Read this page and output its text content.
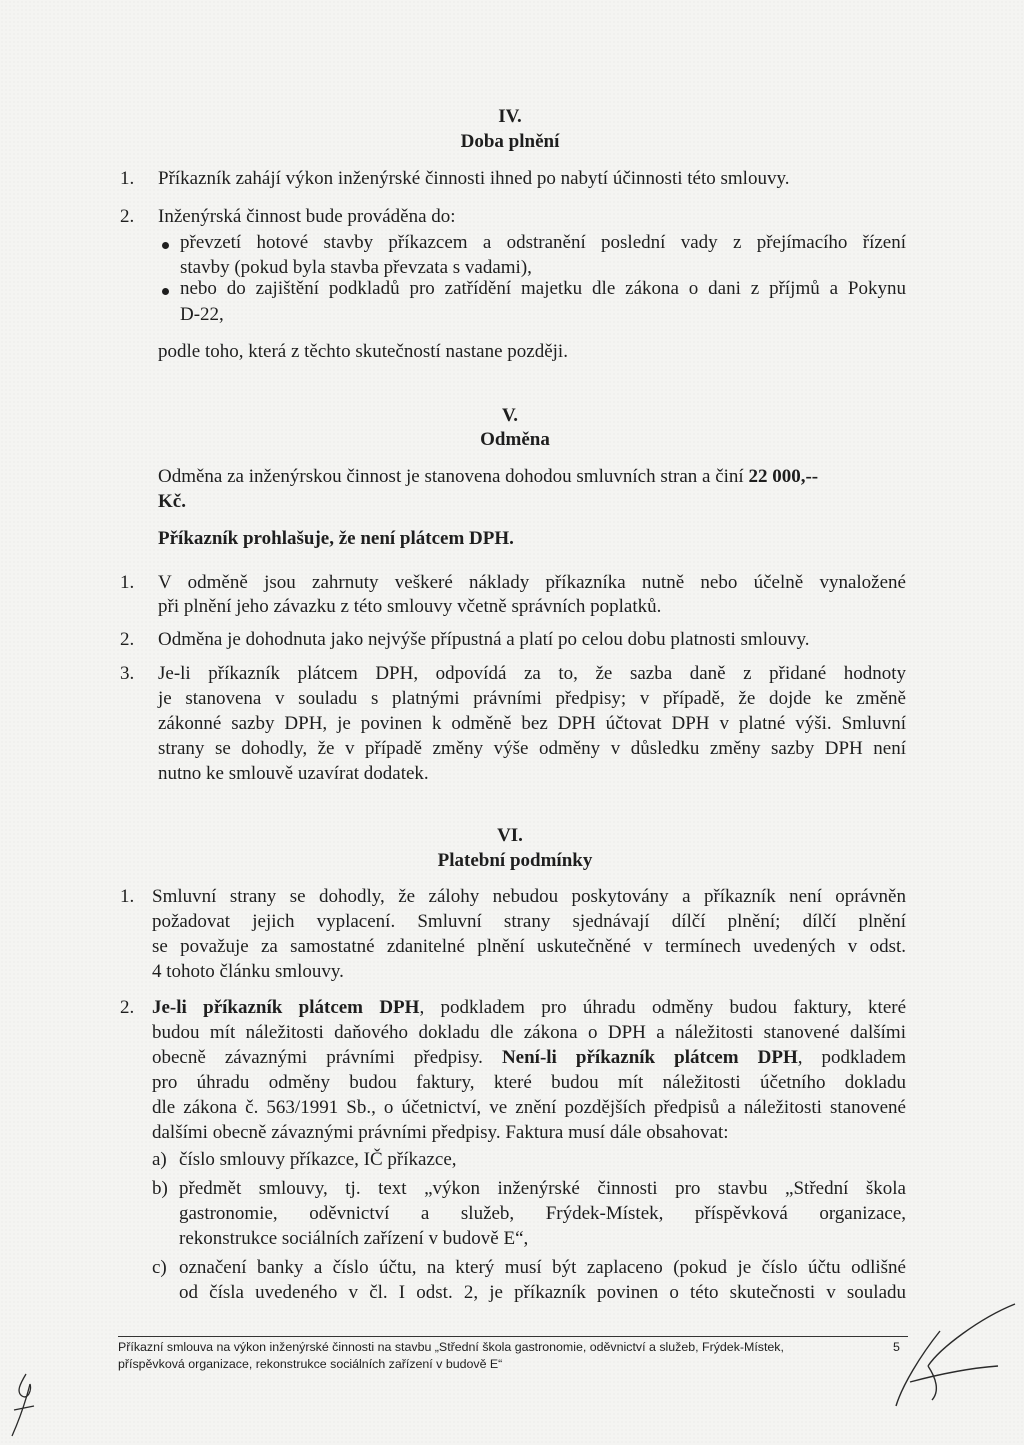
IV.
Doba plnění
1. Příkazník zahájí výkon inženýrské činnosti ihned po nabytí účinnosti této smlouvy.
2. Inženýrská činnost bude prováděna do:
převzetí hotové stavby příkazcem a odstranění poslední vady z přejímacího řízení
stavby (pokud byla stavba převzata s vadami),
nebo do zajištění podkladů pro zatřídění majetku dle zákona o dani z příjmů a Pokynu
D-22,
podle toho, která z těchto skutečností nastane později.
V.
Odměna
Odměna za inženýrskou činnost je stanovena dohodou smluvních stran a činí 22 000,--
Kč.
Příkazník prohlašuje, že není plátcem DPH.
1. V odměně jsou zahrnuty veškeré náklady příkazníka nutně nebo účelně vynaložené
při plnění jeho závazku z této smlouvy včetně správních poplatků.
2. Odměna je dohodnuta jako nejvýše přípustná a platí po celou dobu platnosti smlouvy.
3. Je-li příkazník plátcem DPH, odpovídá za to, že sazba daně z přidané hodnoty
je stanovena v souladu s platnými právními předpisy; v případě, že dojde ke změně
zákonné sazby DPH, je povinen k odměně bez DPH účtovat DPH v platné výši. Smluvní
strany se dohodly, že v případě změny výše odměny v důsledku změny sazby DPH není
nutno ke smlouvě uzavírat dodatek.
VI.
Platební podmínky
1. Smluvní strany se dohodly, že zálohy nebudou poskytovány a příkazník není oprávněn
požadovat jejich vyplacení. Smluvní strany sjednávají dílčí plnění; dílčí plnění
se považuje za samostatné zdanitelné plnění uskutečněné v termínech uvedených v odst.
4 tohoto článku smlouvy.
2. Je-li příkazník plátcem DPH, podkladem pro úhradu odměny budou faktury, které
budou mít náležitosti daňového dokladu dle zákona o DPH a náležitosti stanovené dalšími
obecně závaznými právními předpisy. Není-li příkazník plátcem DPH, podkladem
pro úhradu odměny budou faktury, které budou mít náležitosti účetního dokladu
dle zákona č. 563/1991 Sb., o účetnictví, ve znění pozdějších předpisů a náležitosti stanovené
dalšími obecně závaznými právními předpisy. Faktura musí dále obsahovat:
a) číslo smlouvy příkazce, IČ příkazce,
b) předmět smlouvy, tj. text „výkon inženýrské činnosti pro stavbu „Střední škola
gastronomie, oděvnictví a služeb, Frýdek-Místek, příspěvková organizace,
rekonstrukce sociálních zařízení v budově E“,
c) označení banky a číslo účtu, na který musí být zaplaceno (pokud je číslo účtu odlišné
od čísla uvedeného v čl. I odst. 2, je příkazník povinen o této skutečnosti v souladu
Příkazní smlouva na výkon inženýrské činnosti na stavbu „Střední škola gastronomie, oděvnictví a služeb, Frýdek-Místek,	5
příspěvková organizace, rekonstrukce sociálních zařízení v budově E“
